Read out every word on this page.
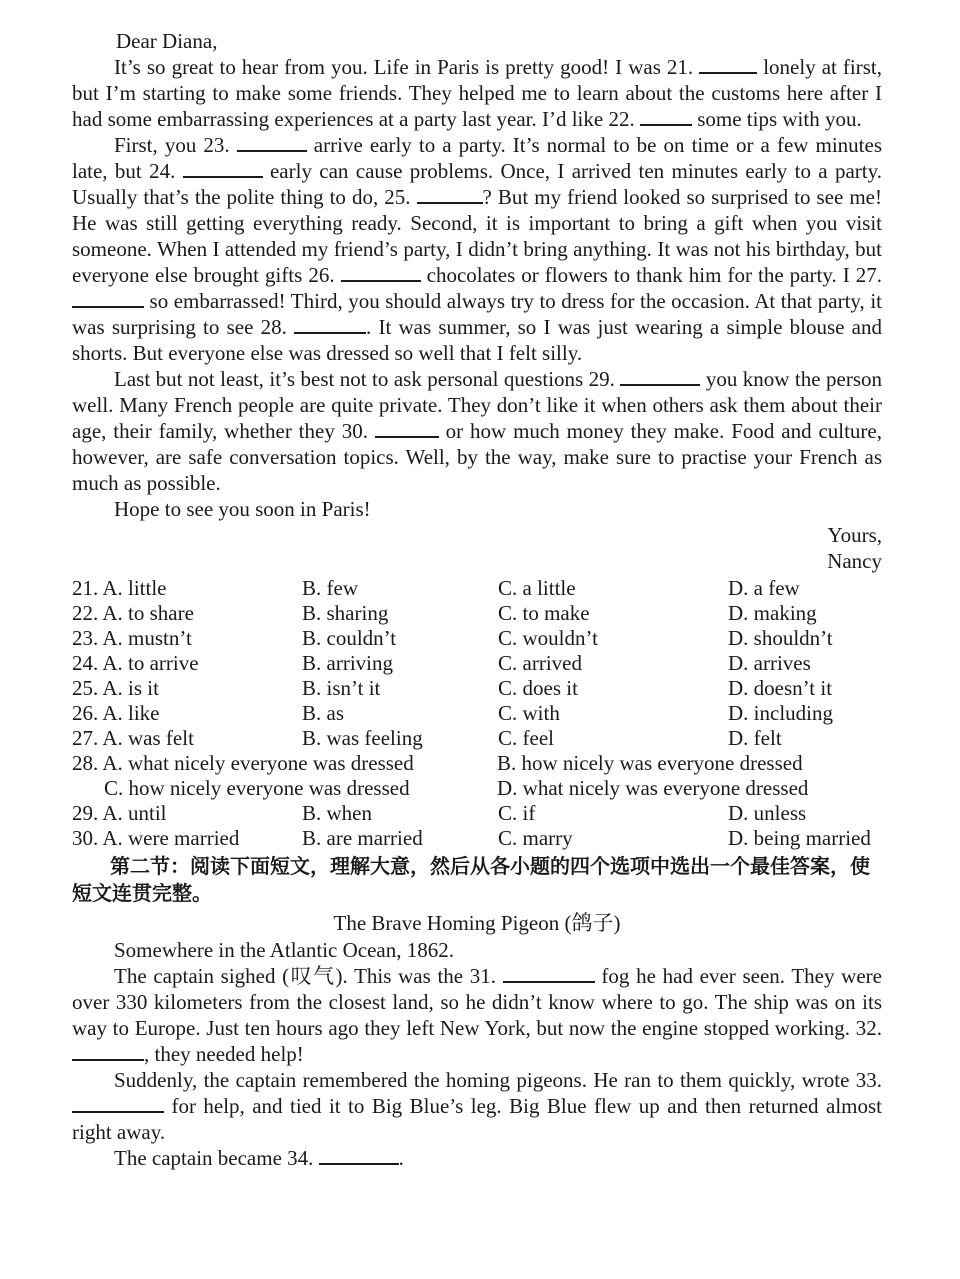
Dear Diana,

It’s so great to hear from you. Life in Paris is pretty good! I was 21.	lonely at first, but I’m starting to make some friends. They helped me to learn about the customs here after I had some embarrassing experiences at a party last year. I’d like 22.  some tips with you.

First, you 23.	arrive early to a party. It’s normal to be on time or a few minutes late, but 24.	early can cause problems. Once, I arrived ten minutes early to a party. Usually that’s the polite thing to do, 25.	? But my friend looked so surprised to see me! He was still getting everything ready. Second, it is important to bring a gift when you visit someone. When I attended my friend’s party, I didn’t bring anything. It was not his birthday, but everyone else brought gifts 26.	chocolates or flowers to thank him for the party. I 27.  so embarrassed! Third, you should always try to dress for the occasion. At that party, it was surprising to see 28.	. It was summer, so I was just wearing a simple blouse and shorts. But everyone else was dressed so well that I felt silly.

Last but not least, it’s best not to ask personal questions 29.	you know the person well. Many French people are quite private. They don’t like it when others ask them about their age, their family, whether they 30.	or how much money they make. Food and culture, however, are safe conversation topics. Well, by the way, make sure to practise your French as much as possible.

Hope to see you soon in Paris!

Yours,

Nancy

21. A. little	B. few	C. a little	D. a few
22. A. to share	B. sharing	C. to make	D. making
23. A. mustn’t	B. couldn’t	C. wouldn’t	D. shouldn’t
24. A. to arrive	B. arriving	C. arrived	D. arrives
25. A. is it	B. isn’t it	C. does it	D. doesn’t it
26. A. like	B. as	C. with	D. including
27. A. was felt	B. was feeling	C. feel	D. felt
28. A. what nicely everyone was dressed	B. how nicely was everyone dressed
C. how nicely everyone was dressed	D. what nicely was everyone dressed
29. A. until	B. when	C. if	D. unless
30. A. were married	B. are married	C. marry	D. being married

第二节：阅读下面短文，理解大意，然后从各小题的四个选项中选出一个最佳答案，使短文连贯完整。

The Brave Homing Pigeon (鸽子)

Somewhere in the Atlantic Ocean, 1862.

The captain sighed (叹气). This was the 31.	fog he had ever seen. They were over 330 kilometers from the closest land, so he didn’t know where to go. The ship was on its way to Europe. Just ten hours ago they left New York, but now the engine stopped working. 32. , they needed help!

Suddenly, the captain remembered the homing pigeons. He ran to them quickly, wrote 33.  for help, and tied it to Big Blue’s leg. Big Blue flew up and then returned almost right away.

The captain became 34.	.
